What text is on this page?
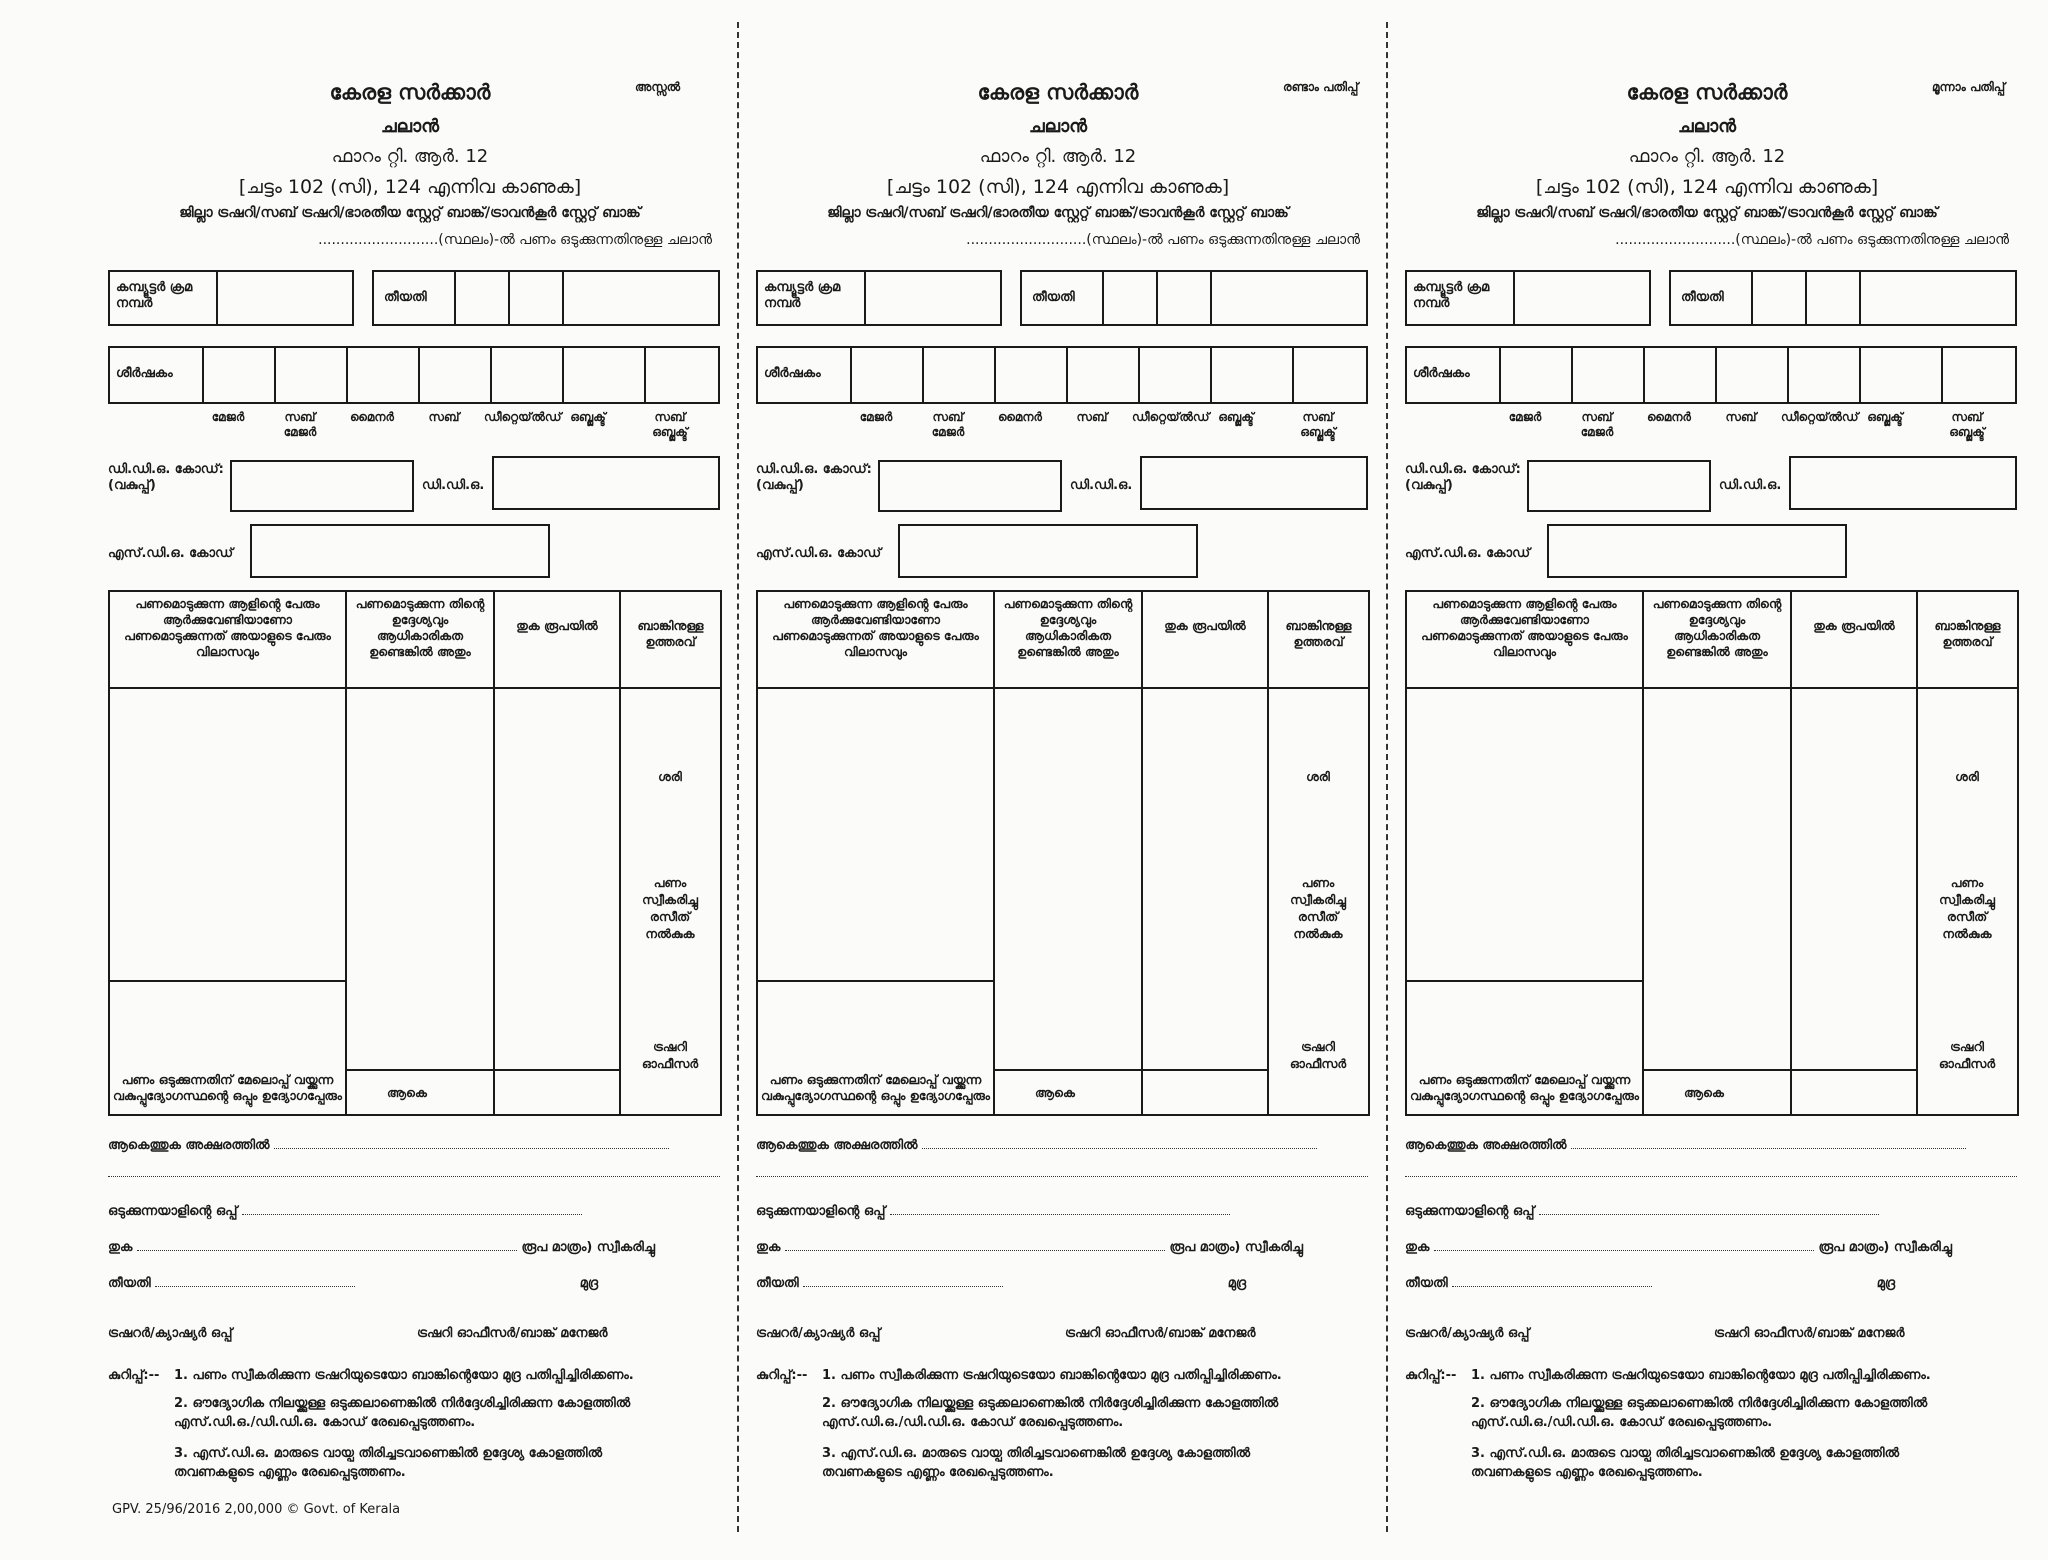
കേരള സർക്കാർ	അസ്സൽ
ചലാൻ
ഫാറം റ്റി. ആർ. 12
[ചട്ടം 102 (സി), 124 എന്നിവ കാണുക]
ജില്ലാ ട്രഷറി/സബ് ട്രഷറി/ഭാരതീയ സ്റ്റേറ്റ് ബാങ്ക്/ട്രാവൻകൂർ സ്റ്റേറ്റ് ബാങ്ക്
...........................(സ്ഥലം)-ൽ പണം ഒടുക്കുന്നതിനുള്ള ചലാൻ
കമ്പ്യൂട്ടർ ക്രമ നമ്പർ	തീയതി
ശീർഷകം
മേജർ	സബ് മേജർ
മൈനർ	സബ്	ഡീറ്റെയ്ൽഡ് ഒബ്ജക്ട്	സബ് ഒബ്ജക്ട്
ഡി.ഡി.ഒ. കോഡ്: (വകുപ്പ്)	ഡി.ഡി.ഒ.
എസ്.ഡി.ഒ. കോഡ്
പണമൊടുക്കുന്ന ആളിന്റെ പേരും ആർക്കുവേണ്ടിയാണോ പണമൊടുക്കുന്നത് അയാളുടെ പേരും വിലാസവും	പണമൊടുക്കുന്ന തിന്റെ ഉദ്ദേശ്യവും ആധികാരികത ഉണ്ടെങ്കിൽ അതും	തുക രൂപയിൽ	ബാങ്കിനുള്ള ഉത്തരവ്

പണം ഒടുക്കുന്നതിന് മേലൊപ്പ് വയ്ക്കുന്ന വകുപ്പുദ്യോഗസ്ഥന്റെ ഒപ്പും ഉദ്യോഗപ്പേരും			
	ആകെ		
ശരി
പണം സ്വീകരിച്ചു രസീത് നൽകുക
ട്രഷറി ഓഫീസർ
ആകെത്തുക അക്ഷരത്തിൽ
ഒടുക്കുന്നയാളിന്റെ ഒപ്പ്
തുക	രൂപ മാത്രം) സ്വീകരിച്ചു
തീയതി	മുദ്ര
ട്രഷറർ/ക്യാഷ്യർ ഒപ്പ്	ട്രഷറി ഓഫീസർ/ബാങ്ക് മനേജർ
കുറിപ്പ്:-- 1. പണം സ്വീകരിക്കുന്ന ട്രഷറിയുടെയോ ബാങ്കിന്റെയോ മുദ്ര പതിപ്പിച്ചിരിക്കണം.
2. ഔദ്യോഗിക നിലയ്ക്കുള്ള ഒടുക്കലാണെങ്കിൽ നിർദ്ദേശിച്ചിരിക്കുന്ന കോളത്തിൽ എസ്.ഡി.ഒ./ഡി.ഡി.ഒ. കോഡ് രേഖപ്പെടുത്തണം.
3. എസ്.ഡി.ഒ. മാരുടെ വായ്പ തിരിച്ചടവാണെങ്കിൽ ഉദ്ദേശ്യ കോളത്തിൽ തവണകളുടെ എണ്ണം രേഖപ്പെടുത്തണം.
GPV. 25/96/2016 2,00,000 © Govt. of Kerala
കേരള സർക്കാർ	രണ്ടാം പതിപ്പ്
ചലാൻ
ഫാറം റ്റി. ആർ. 12
[ചട്ടം 102 (സി), 124 എന്നിവ കാണുക]
ജില്ലാ ട്രഷറി/സബ് ട്രഷറി/ഭാരതീയ സ്റ്റേറ്റ് ബാങ്ക്/ട്രാവൻകൂർ സ്റ്റേറ്റ് ബാങ്ക്
...........................(സ്ഥലം)-ൽ പണം ഒടുക്കുന്നതിനുള്ള ചലാൻ
കമ്പ്യൂട്ടർ ക്രമ നമ്പർ	തീയതി
ശീർഷകം
മേജർ	സബ് മേജർ
മൈനർ	സബ്	ഡീറ്റെയ്ൽഡ് ഒബ്ജക്ട്	സബ് ഒബ്ജക്ട്
ഡി.ഡി.ഒ. കോഡ്: (വകുപ്പ്)	ഡി.ഡി.ഒ.
എസ്.ഡി.ഒ. കോഡ്
പണമൊടുക്കുന്ന ആളിന്റെ പേരും ആർക്കുവേണ്ടിയാണോ പണമൊടുക്കുന്നത് അയാളുടെ പേരും വിലാസവും	പണമൊടുക്കുന്ന തിന്റെ ഉദ്ദേശ്യവും ആധികാരികത ഉണ്ടെങ്കിൽ അതും	തുക രൂപയിൽ	ബാങ്കിനുള്ള ഉത്തരവ്

പണം ഒടുക്കുന്നതിന് മേലൊപ്പ് വയ്ക്കുന്ന വകുപ്പുദ്യോഗസ്ഥന്റെ ഒപ്പും ഉദ്യോഗപ്പേരും			
	ആകെ		
ശരി
പണം സ്വീകരിച്ചു രസീത് നൽകുക
ട്രഷറി ഓഫീസർ
ആകെത്തുക അക്ഷരത്തിൽ
ഒടുക്കുന്നയാളിന്റെ ഒപ്പ്
തുക	രൂപ മാത്രം) സ്വീകരിച്ചു
തീയതി	മുദ്ര
ട്രഷറർ/ക്യാഷ്യർ ഒപ്പ്	ട്രഷറി ഓഫീസർ/ബാങ്ക് മനേജർ
കുറിപ്പ്:-- 1. പണം സ്വീകരിക്കുന്ന ട്രഷറിയുടെയോ ബാങ്കിന്റെയോ മുദ്ര പതിപ്പിച്ചിരിക്കണം.
2. ഔദ്യോഗിക നിലയ്ക്കുള്ള ഒടുക്കലാണെങ്കിൽ നിർദ്ദേശിച്ചിരിക്കുന്ന കോളത്തിൽ എസ്.ഡി.ഒ./ഡി.ഡി.ഒ. കോഡ് രേഖപ്പെടുത്തണം.
3. എസ്.ഡി.ഒ. മാരുടെ വായ്പ തിരിച്ചടവാണെങ്കിൽ ഉദ്ദേശ്യ കോളത്തിൽ തവണകളുടെ എണ്ണം രേഖപ്പെടുത്തണം.
കേരള സർക്കാർ	മൂന്നാം പതിപ്പ്
ചലാൻ
ഫാറം റ്റി. ആർ. 12
[ചട്ടം 102 (സി), 124 എന്നിവ കാണുക]
ജില്ലാ ട്രഷറി/സബ് ട്രഷറി/ഭാരതീയ സ്റ്റേറ്റ് ബാങ്ക്/ട്രാവൻകൂർ സ്റ്റേറ്റ് ബാങ്ക്
...........................(സ്ഥലം)-ൽ പണം ഒടുക്കുന്നതിനുള്ള ചലാൻ
കമ്പ്യൂട്ടർ ക്രമ നമ്പർ	തീയതി
ശീർഷകം
മേജർ	സബ് മേജർ
മൈനർ	സബ്	ഡീറ്റെയ്ൽഡ് ഒബ്ജക്ട്	സബ് ഒബ്ജക്ട്
ഡി.ഡി.ഒ. കോഡ്: (വകുപ്പ്)	ഡി.ഡി.ഒ.
എസ്.ഡി.ഒ. കോഡ്
പണമൊടുക്കുന്ന ആളിന്റെ പേരും ആർക്കുവേണ്ടിയാണോ പണമൊടുക്കുന്നത് അയാളുടെ പേരും വിലാസവും	പണമൊടുക്കുന്ന തിന്റെ ഉദ്ദേശ്യവും ആധികാരികത ഉണ്ടെങ്കിൽ അതും	തുക രൂപയിൽ	ബാങ്കിനുള്ള ഉത്തരവ്

പണം ഒടുക്കുന്നതിന് മേലൊപ്പ് വയ്ക്കുന്ന വകുപ്പുദ്യോഗസ്ഥന്റെ ഒപ്പും ഉദ്യോഗപ്പേരും			
	ആകെ		
ശരി
പണം സ്വീകരിച്ചു രസീത് നൽകുക
ട്രഷറി ഓഫീസർ
ആകെത്തുക അക്ഷരത്തിൽ
ഒടുക്കുന്നയാളിന്റെ ഒപ്പ്
തുക	രൂപ മാത്രം) സ്വീകരിച്ചു
തീയതി	മുദ്ര
ട്രഷറർ/ക്യാഷ്യർ ഒപ്പ്	ട്രഷറി ഓഫീസർ/ബാങ്ക് മനേജർ
കുറിപ്പ്:-- 1. പണം സ്വീകരിക്കുന്ന ട്രഷറിയുടെയോ ബാങ്കിന്റെയോ മുദ്ര പതിപ്പിച്ചിരിക്കണം.
2. ഔദ്യോഗിക നിലയ്ക്കുള്ള ഒടുക്കലാണെങ്കിൽ നിർദ്ദേശിച്ചിരിക്കുന്ന കോളത്തിൽ എസ്.ഡി.ഒ./ഡി.ഡി.ഒ. കോഡ് രേഖപ്പെടുത്തണം.
3. എസ്.ഡി.ഒ. മാരുടെ വായ്പ തിരിച്ചടവാണെങ്കിൽ ഉദ്ദേശ്യ കോളത്തിൽ തവണകളുടെ എണ്ണം രേഖപ്പെടുത്തണം.
